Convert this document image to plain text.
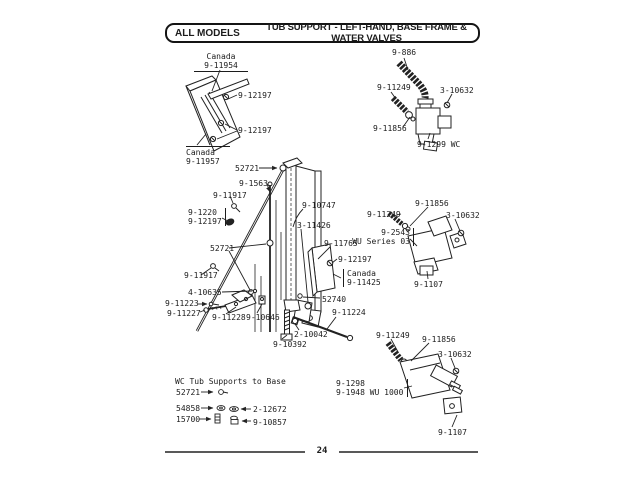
ALL MODELS	TUB SUPPORT - LEFT-HAND, BASE FRAME & WATER VALVES
Canada
9-11954
9-12197
9-12197
Canada
9-11957
52721
9-1563
9-11917
9-1220
9-12197
9-10747
3-11426
9-11765
52721
9-12197
Canada
9-11425
9-11917
4-10635
9-11223
9-11227 9-11228 9-10646
52740
9-11224
2-10042
9-10392
9-886
9-11249	3-10632
9-11856
9-1299 WC
9-11856
9-11249	3-10632
9-2543
WU Series 03
9-1107
9-11249 9-11856
3-10632
9-1298
9-1948 WU 1000
9-1107
WC Tub Supports to Base
52721
54858	2-12672
15700	9-10857
24
